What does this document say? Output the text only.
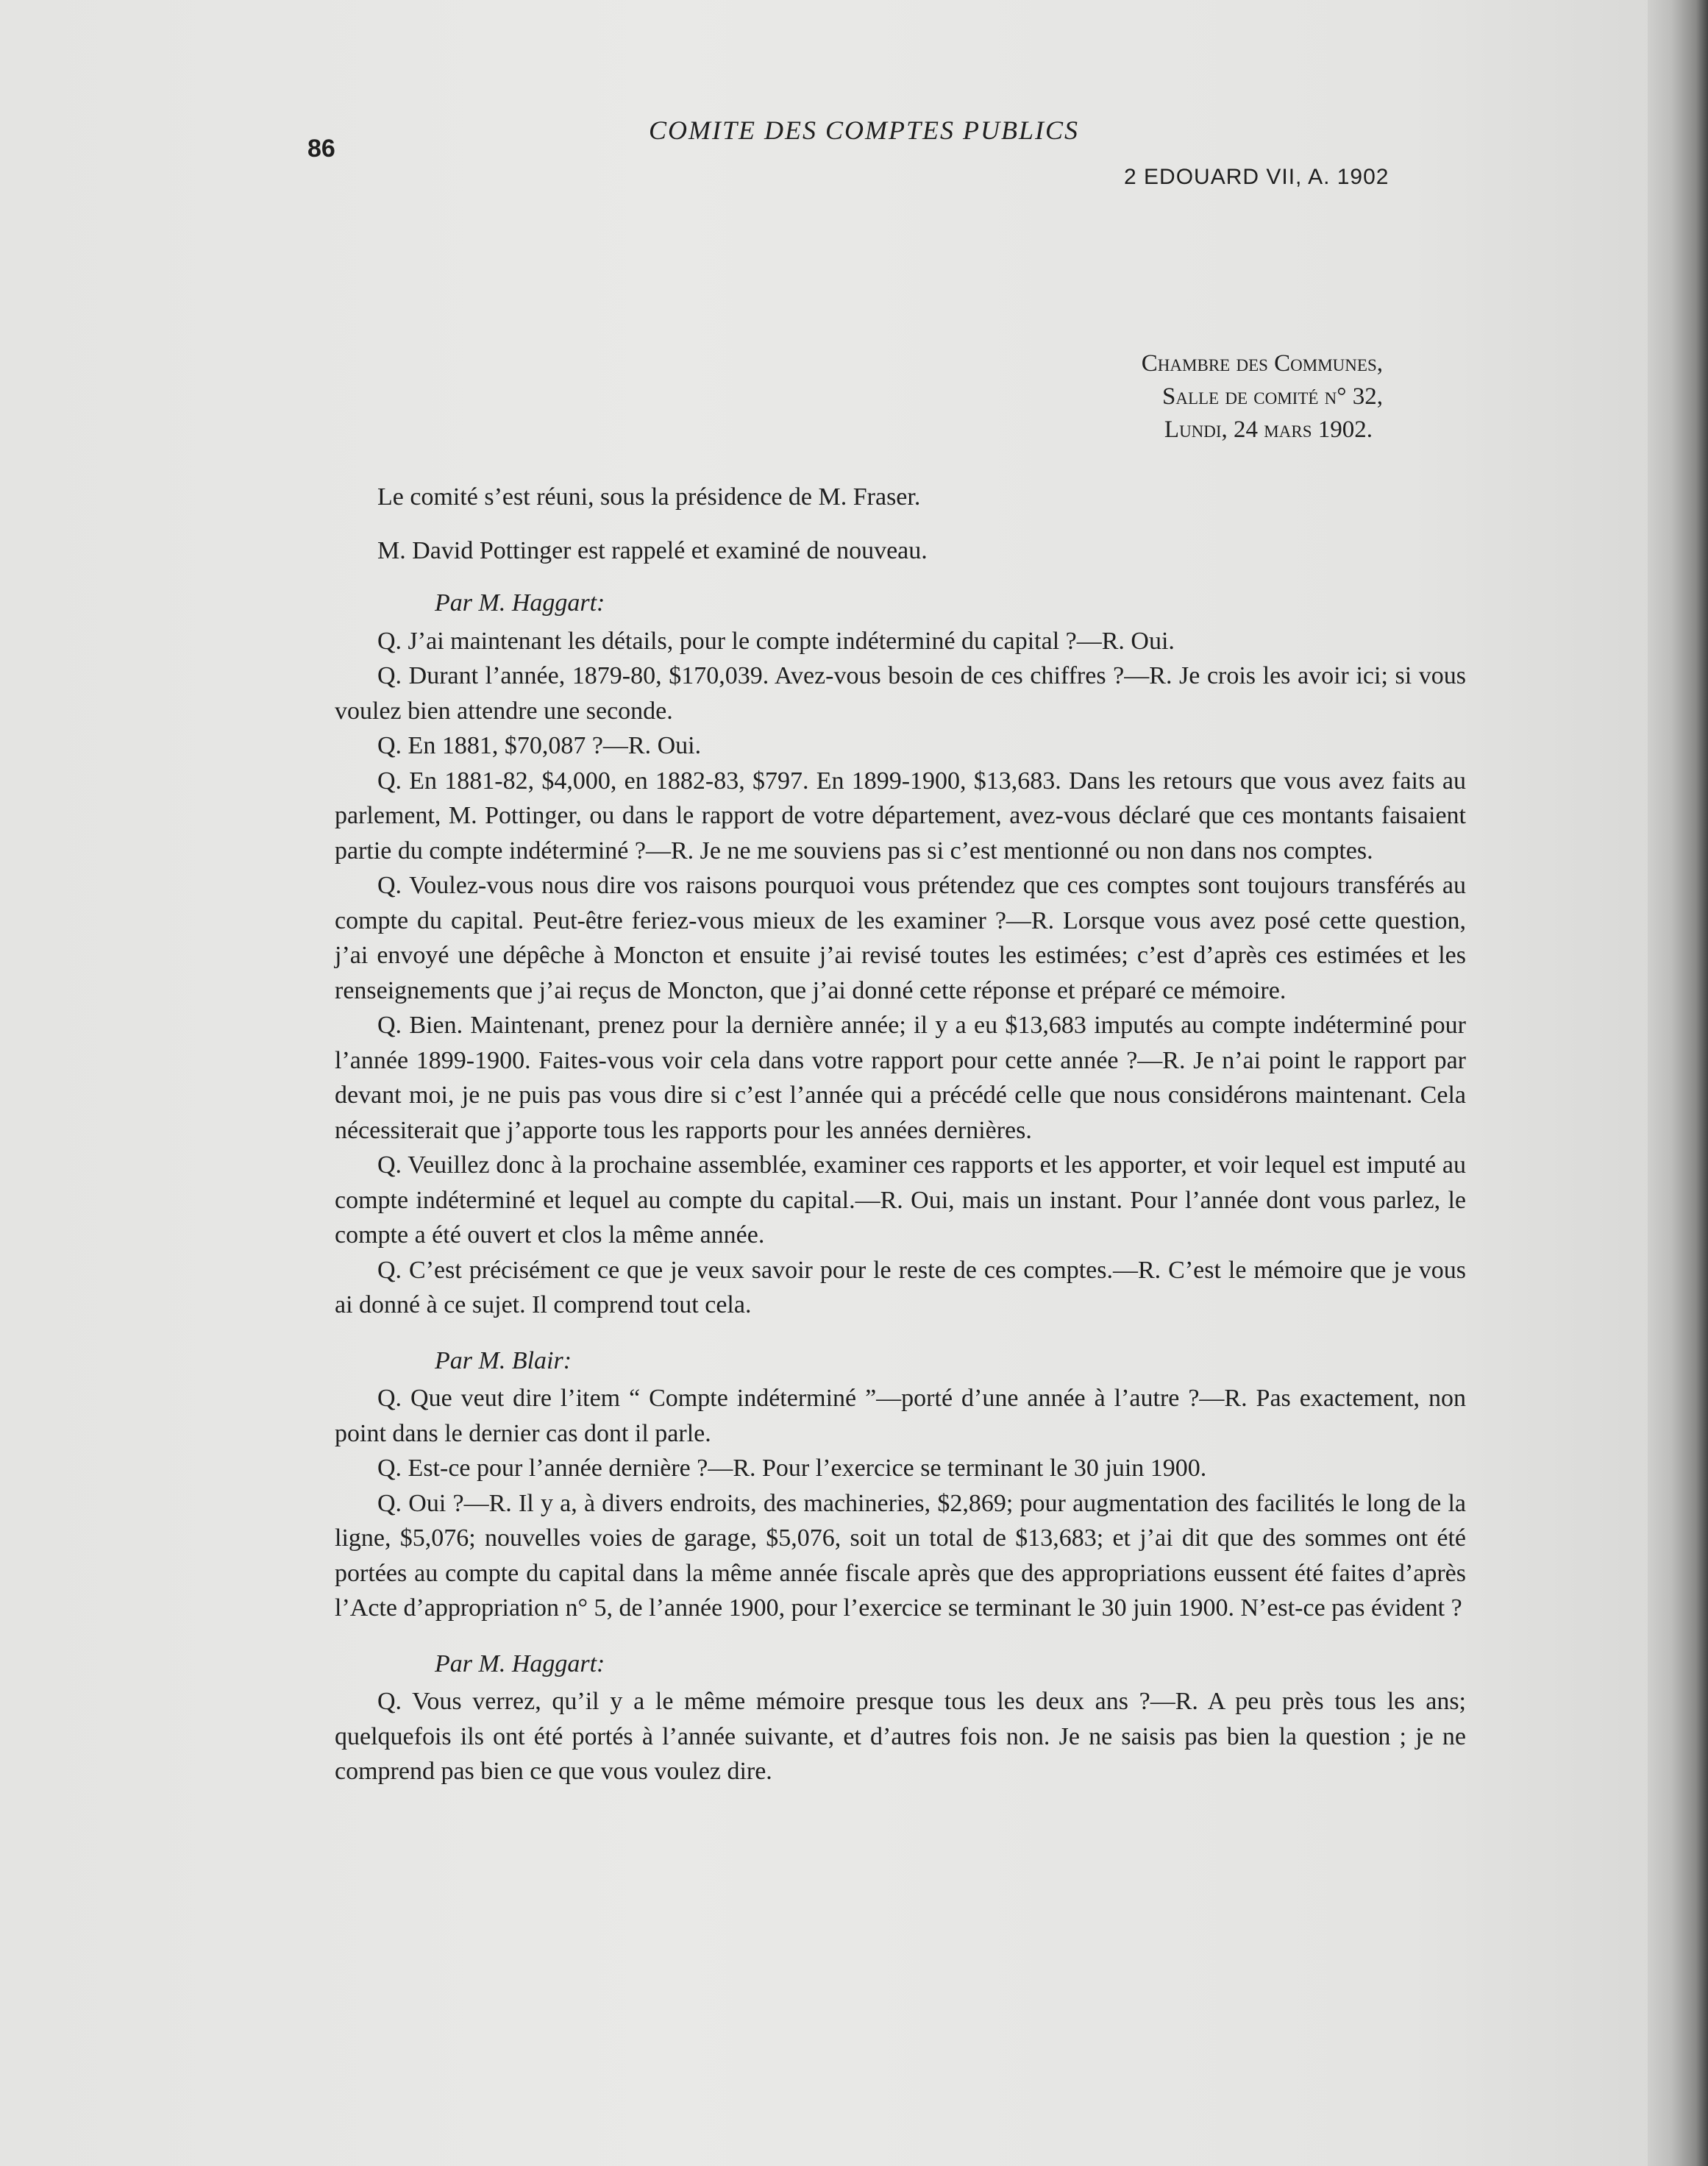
86
COMITE DES COMPTES PUBLICS
2 EDOUARD VII, A. 1902
Chambre des Communes,
Salle de comité n° 32,
Lundi, 24 mars 1902.

Le comité s’est réuni, sous la présidence de M. Fraser.

M. David Pottinger est rappelé et examiné de nouveau.

Par M. Haggart:

Q. J’ai maintenant les détails, pour le compte indéterminé du capital ?—R. Oui.

Q. Durant l’année, 1879-80, $170,039. Avez-vous besoin de ces chiffres ?—R. Je crois les avoir ici; si vous voulez bien attendre une seconde.

Q. En 1881, $70,087 ?—R. Oui.

Q. En 1881-82, $4,000, en 1882-83, $797. En 1899-1900, $13,683. Dans les retours que vous avez faits au parlement, M. Pottinger, ou dans le rapport de votre département, avez-vous déclaré que ces montants faisaient partie du compte indéterminé ?—R. Je ne me souviens pas si c’est mentionné ou non dans nos comptes.

Q. Voulez-vous nous dire vos raisons pourquoi vous prétendez que ces comptes sont toujours transférés au compte du capital. Peut-être feriez-vous mieux de les examiner ?—R. Lorsque vous avez posé cette question, j’ai envoyé une dépêche à Moncton et ensuite j’ai revisé toutes les estimées; c’est d’après ces estimées et les renseignements que j’ai reçus de Moncton, que j’ai donné cette réponse et préparé ce mémoire.

Q. Bien. Maintenant, prenez pour la dernière année; il y a eu $13,683 imputés au compte indéterminé pour l’année 1899-1900. Faites-vous voir cela dans votre rapport pour cette année ?—R. Je n’ai point le rapport par devant moi, je ne puis pas vous dire si c’est l’année qui a précédé celle que nous considérons maintenant. Cela nécessiterait que j’apporte tous les rapports pour les années dernières.

Q. Veuillez donc à la prochaine assemblée, examiner ces rapports et les apporter, et voir lequel est imputé au compte indéterminé et lequel au compte du capital.—R. Oui, mais un instant. Pour l’année dont vous parlez, le compte a été ouvert et clos la même année.

Q. C’est précisément ce que je veux savoir pour le reste de ces comptes.—R. C’est le mémoire que je vous ai donné à ce sujet. Il comprend tout cela.

Par M. Blair:

Q. Que veut dire l’item “ Compte indéterminé ”—porté d’une année à l’autre ?—R. Pas exactement, non point dans le dernier cas dont il parle.

Q. Est-ce pour l’année dernière ?—R. Pour l’exercice se terminant le 30 juin 1900.

Q. Oui ?—R. Il y a, à divers endroits, des machineries, $2,869; pour augmentation des facilités le long de la ligne, $5,076; nouvelles voies de garage, $5,076, soit un total de $13,683; et j’ai dit que des sommes ont été portées au compte du capital dans la même année fiscale après que des appropriations eussent été faites d’après l’Acte d’appropriation n° 5, de l’année 1900, pour l’exercice se terminant le 30 juin 1900. N’est-ce pas évident ?

Par M. Haggart:

Q. Vous verrez, qu’il y a le même mémoire presque tous les deux ans ?—R. A peu près tous les ans; quelquefois ils ont été portés à l’année suivante, et d’autres fois non. Je ne saisis pas bien la question ; je ne comprend pas bien ce que vous voulez dire.
